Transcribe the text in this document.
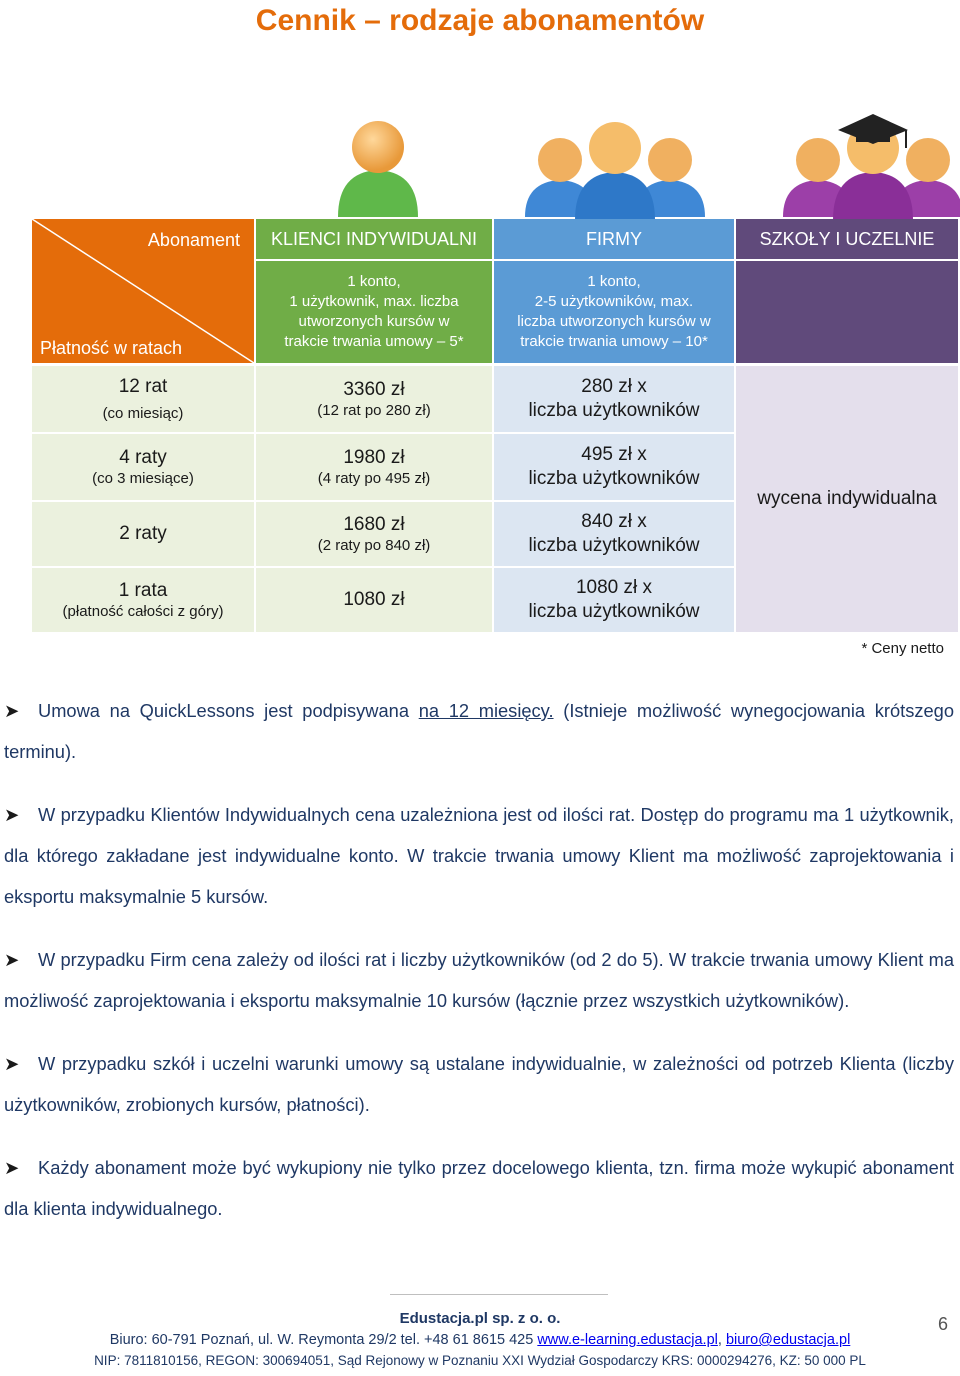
Cennik – rodzaje abonamentów
Abonament
Płatność w ratach
KLIENCI INDYWIDUALNI	FIRMY	SZKOŁY I UCZELNIE
1 konto,
1 użytkownik, max. liczba
utworzonych kursów w
trakcie trwania umowy – 5*
1 konto,
2-5 użytkowników, max.
liczba utworzonych kursów w
trakcie trwania umowy – 10*
12 rat
(co miesiąc)
4 raty
(co 3 miesiące)
2 raty
1 rata
(płatność całości z góry)
3360 zł
(12 rat po 280 zł)
1980 zł
(4 raty po 495 zł)
1680 zł
(2 raty po 840 zł)
1080 zł
280 zł x
liczba użytkowników
495 zł x
liczba użytkowników
840 zł x
liczba użytkowników
1080 zł x
liczba użytkowników
wycena indywidualna
* Ceny netto

➤ Umowa na QuickLessons jest podpisywana na 12 miesięcy. (Istnieje możliwość wynegocjowania krótszego terminu).

➤ W przypadku Klientów Indywidualnych cena uzależniona jest od ilości rat. Dostęp do programu ma 1 użytkownik, dla którego zakładane jest indywidualne konto. W trakcie trwania umowy Klient ma możliwość zaprojektowania i eksportu maksymalnie 5 kursów.

➤ W przypadku Firm cena zależy od ilości rat i liczby użytkowników (od 2 do 5). W trakcie trwania umowy Klient ma możliwość zaprojektowania i eksportu maksymalnie 10 kursów (łącznie przez wszystkich użytkowników).

➤ W przypadku szkół i uczelni warunki umowy są ustalane indywidualnie, w zależności od potrzeb Klienta (liczby użytkowników, zrobionych kursów, płatności).

➤ Każdy abonament może być wykupiony nie tylko przez docelowego klienta, tzn. firma może wykupić abonament dla klienta indywidualnego.

Edustacja.pl sp. z o. o.
Biuro: 60-791 Poznań, ul. W. Reymonta 29/2 tel. +48 61 8615 425 www.e-learning.edustacja.pl, biuro@edustacja.pl
NIP: 7811810156, REGON: 300694051, Sąd Rejonowy w Poznaniu XXI Wydział Gospodarczy KRS: 0000294276, KZ: 50 000 PL
6
